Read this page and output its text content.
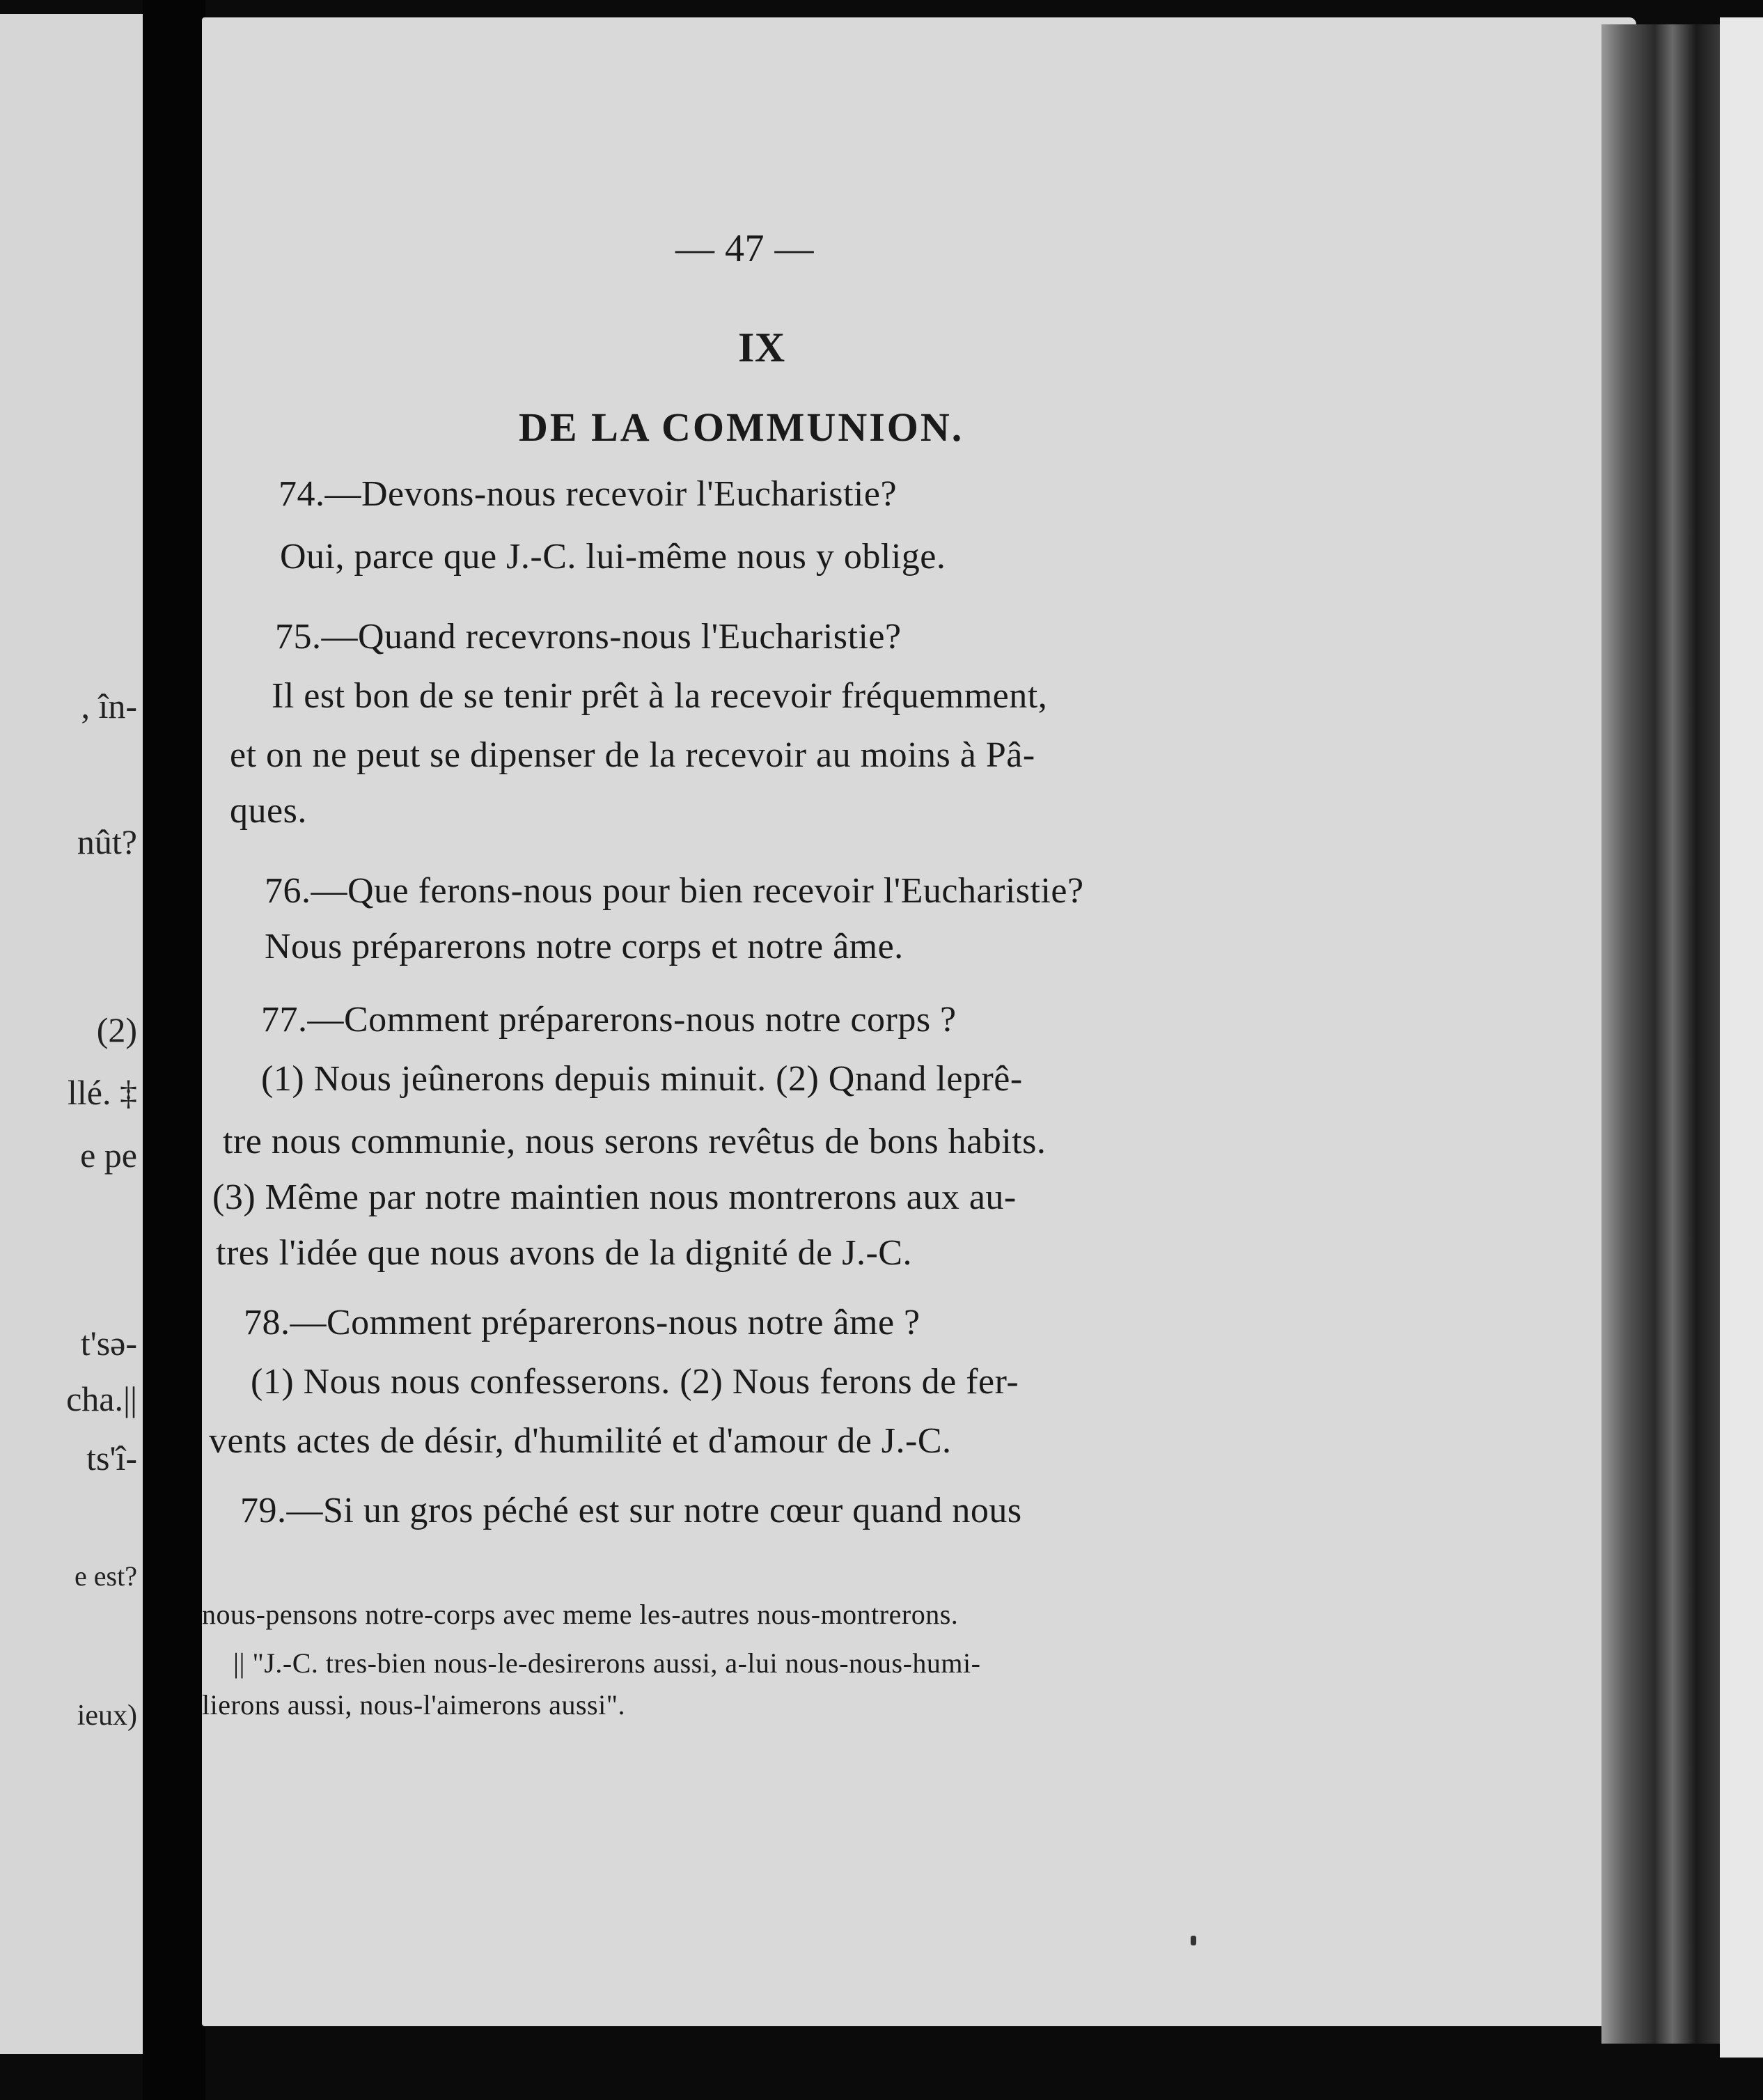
, în-
nût?
(2)
llé. ‡
e pe
t'sə-
cha.||
ts'î-
e est?
ieux)
— 47 —
IX
DE LA COMMUNION.
74.—Devons-nous recevoir l'Eucharistie?
Oui, parce que J.-C. lui-même nous y oblige.
75.—Quand recevrons-nous l'Eucharistie?
Il est bon de se tenir prêt à la recevoir fréquemment,
et on ne peut se dipenser de la recevoir au moins à Pâ-
ques.
76.—Que ferons-nous pour bien recevoir l'Eucharistie?
Nous préparerons notre corps et notre âme.
77.—Comment préparerons-nous notre corps ?
(1) Nous jeûnerons depuis minuit. (2) Qnand leprê-
tre nous communie, nous serons revêtus de bons habits.
(3) Même par notre maintien nous montrerons aux au-
tres l'idée que nous avons de la dignité de J.-C.
78.—Comment préparerons-nous notre âme ?
(1) Nous nous confesserons. (2) Nous ferons de fer-
vents actes de désir, d'humilité et d'amour de J.-C.
79.—Si un gros péché est sur notre cœur quand nous
nous-pensons notre-corps avec meme les-autres nous-montrerons.
|| "J.-C. tres-bien nous-le-desirerons aussi, a-lui nous-nous-humi-
lierons aussi, nous-l'aimerons aussi".
